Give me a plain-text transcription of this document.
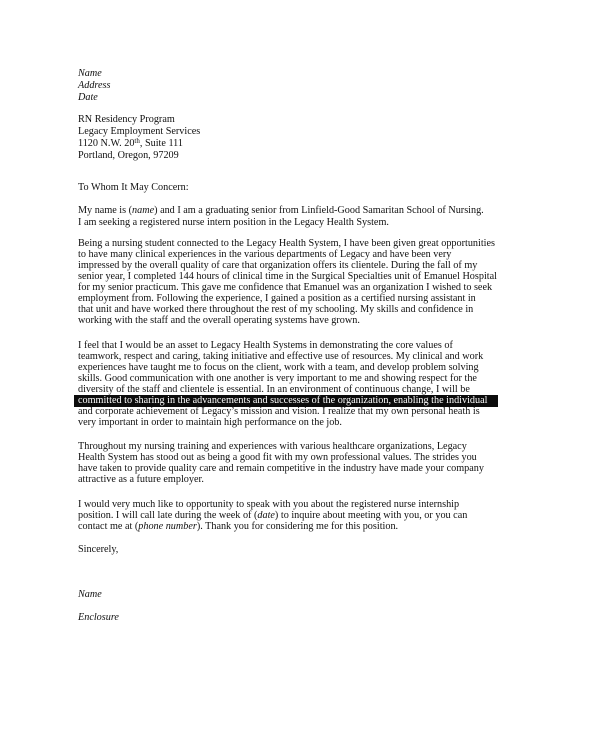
Name
Address
Date
RN Residency Program
Legacy Employment Services
1120 N.W. 20th, Suite 111
Portland, Oregon, 97209
To Whom It May Concern:
My name is (name) and I am a graduating senior from Linfield-Good Samaritan School of Nursing.
I am seeking a registered nurse intern position in the Legacy Health System.
Being a nursing student connected to the Legacy Health System, I have been given great opportunities
to have many clinical experiences in the various departments of Legacy and have been very
impressed by the overall quality of care that organization offers its clientele. During the fall of my
senior year, I completed 144 hours of clinical time in the Surgical Specialties unit of Emanuel Hospital
for my senior practicum. This gave me confidence that Emanuel was an organization I wished to seek
employment from. Following the experience, I gained a position as a certified nursing assistant in
that unit and have worked there throughout the rest of my schooling. My skills and confidence in
working with the staff and the overall operating systems have grown.
I feel that I would be an asset to Legacy Health Systems in demonstrating the core values of
teamwork, respect and caring, taking initiative and effective use of resources. My clinical and work
experiences have taught me to focus on the client, work with a team, and develop problem solving
skills. Good communication with one another is very important to me and showing respect for the
diversity of the staff and clientele is essential. In an environment of continuous change, I will be
committed to sharing in the advancements and successes of the organization, enabling the individual
and corporate achievement of Legacy’s mission and vision. I realize that my own personal heath is
very important in order to maintain high performance on the job.
Throughout my nursing training and experiences with various healthcare organizations, Legacy
Health System has stood out as being a good fit with my own professional values. The strides you
have taken to provide quality care and remain competitive in the industry have made your company
attractive as a future employer.
I would very much like to opportunity to speak with you about the registered nurse internship
position. I will call late during the week of (date) to inquire about meeting with you, or you can
contact me at (phone number). Thank you for considering me for this position.
Sincerely,
Name
Enclosure
